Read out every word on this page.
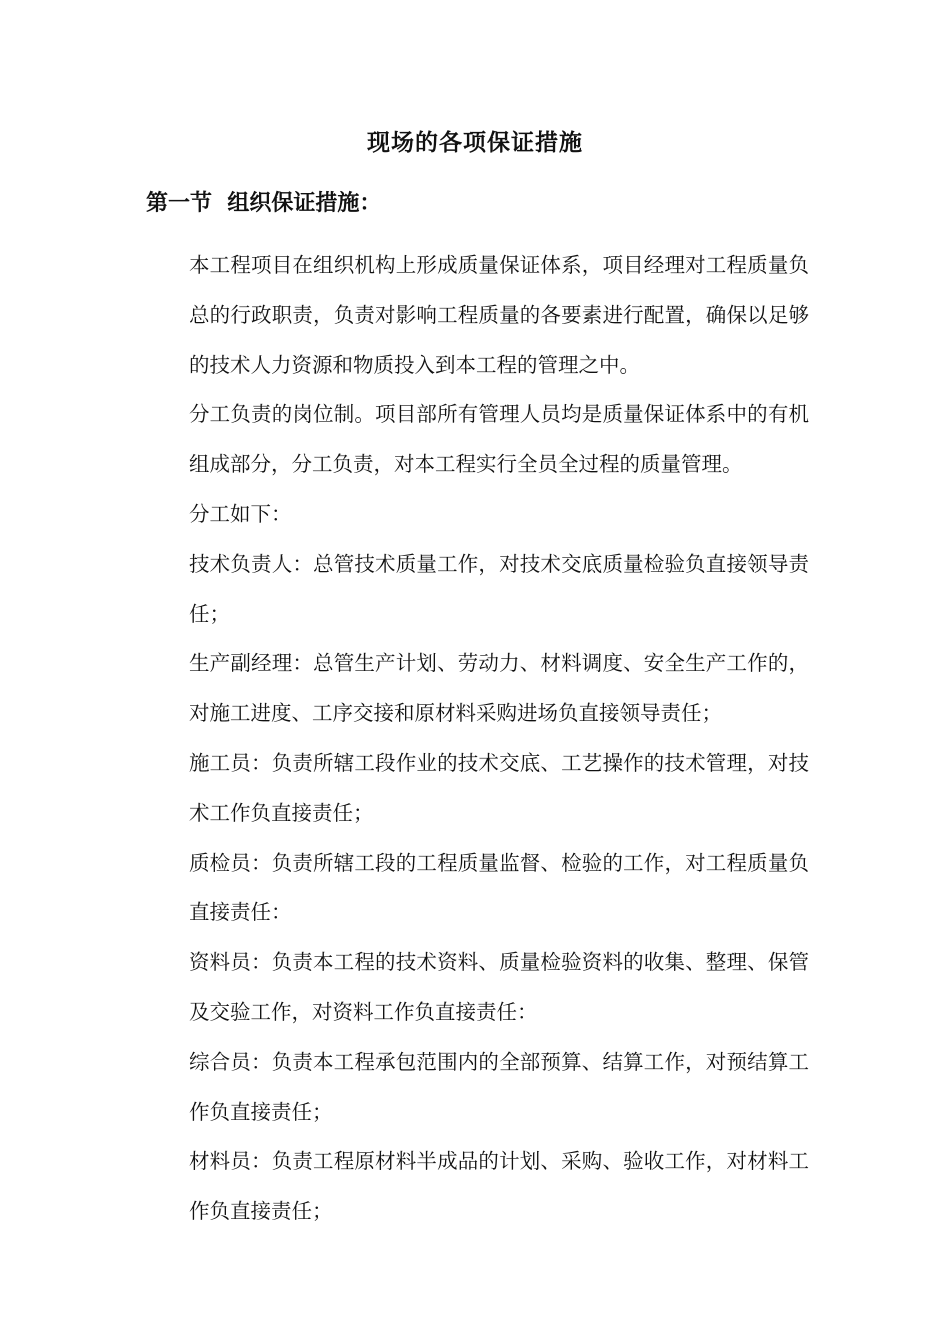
现场的各项保证措施
第一节  组织保证措施：

本工程项目在组织机构上形成质量保证体系，项目经理对工程质量负总的行政职责，负责对影响工程质量的各要素进行配置，确保以足够的技术人力资源和物质投入到本工程的管理之中。

分工负责的岗位制。项目部所有管理人员均是质量保证体系中的有机组成部分，分工负责，对本工程实行全员全过程的质量管理。

分工如下：

技术负责人：总管技术质量工作，对技术交底质量检验负直接领导责任；

生产副经理：总管生产计划、劳动力、材料调度、安全生产工作的，对施工进度、工序交接和原材料采购进场负直接领导责任；

施工员：负责所辖工段作业的技术交底、工艺操作的技术管理，对技术工作负直接责任；

质检员：负责所辖工段的工程质量监督、检验的工作，对工程质量负直接责任：

资料员：负责本工程的技术资料、质量检验资料的收集、整理、保管及交验工作，对资料工作负直接责任：

综合员：负责本工程承包范围内的全部预算、结算工作，对预结算工作负直接责任；

材料员：负责工程原材料半成品的计划、采购、验收工作，对材料工作负直接责任；
